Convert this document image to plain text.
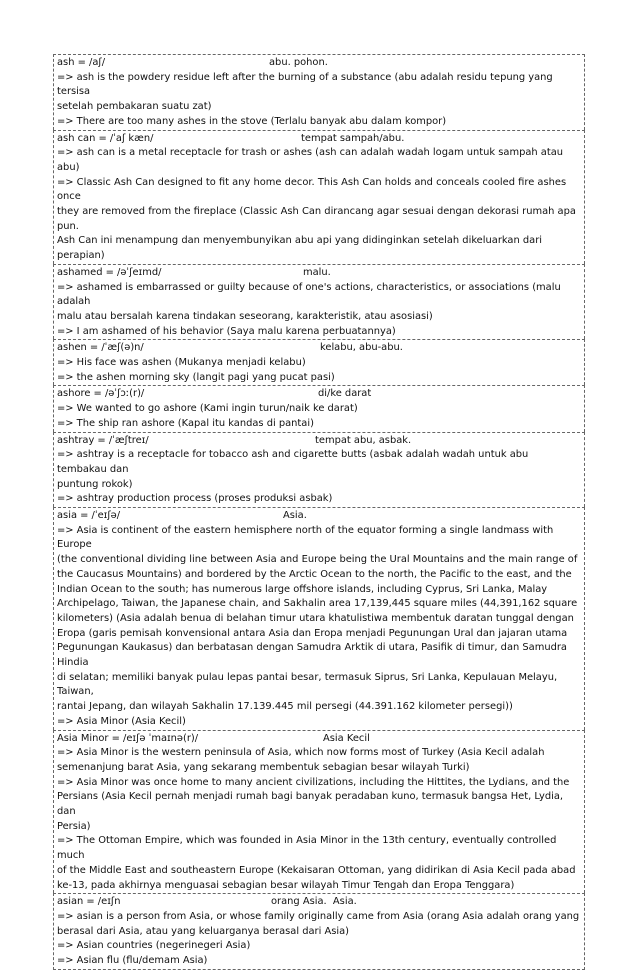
ash = /aʃ/	abu. pohon.
=> ash is the powdery residue left after the burning of a substance (abu adalah residu tepung yang tersisa
setelah pembakaran suatu zat)
=> There are too many ashes in the stove (Terlalu banyak abu dalam kompor)
ash can = /ˈaʃ kæn/	tempat sampah/abu.
=> ash can is a metal receptacle for trash or ashes (ash can adalah wadah logam untuk sampah atau abu)
=> Classic Ash Can designed to fit any home decor. This Ash Can holds and conceals cooled fire ashes once
they are removed from the fireplace (Classic Ash Can dirancang agar sesuai dengan dekorasi rumah apa pun.
Ash Can ini menampung dan menyembunyikan abu api yang didinginkan setelah dikeluarkan dari perapian)
ashamed = /əˈʃeɪmd/	malu.
=> ashamed is embarrassed or guilty because of one's actions, characteristics, or associations (malu adalah
malu atau bersalah karena tindakan seseorang, karakteristik, atau asosiasi)
=> I am ashamed of his behavior (Saya malu karena perbuatannya)
ashen = /ˈæʃ(ə)n/	kelabu, abu-abu.
=> His face was ashen (Mukanya menjadi kelabu)
=> the ashen morning sky (langit pagi yang pucat pasi)
ashore = /əˈʃɔː(r)/	di/ke darat
=> We wanted to go ashore (Kami ingin turun/naik ke darat)
=> The ship ran ashore (Kapal itu kandas di pantai)
ashtray = /ˈæʃtreɪ/	tempat abu, asbak.
=> ashtray is a receptacle for tobacco ash and cigarette butts (asbak adalah wadah untuk abu tembakau dan
puntung rokok)
=> ashtray production process (proses produksi asbak)
asia = /ˈeɪʃə/	Asia.
=> Asia is continent of the eastern hemisphere north of the equator forming a single landmass with Europe
(the conventional dividing line between Asia and Europe being the Ural Mountains and the main range of
the Caucasus Mountains) and bordered by the Arctic Ocean to the north, the Pacific to the east, and the
Indian Ocean to the south; has numerous large offshore islands, including Cyprus, Sri Lanka, Malay
Archipelago, Taiwan, the Japanese chain, and Sakhalin area 17,139,445 square miles (44,391,162 square
kilometers) (Asia adalah benua di belahan timur utara khatulistiwa membentuk daratan tunggal dengan
Eropa (garis pemisah konvensional antara Asia dan Eropa menjadi Pegunungan Ural dan jajaran utama
Pegunungan Kaukasus) dan berbatasan dengan Samudra Arktik di utara, Pasifik di timur, dan Samudra Hindia
di selatan; memiliki banyak pulau lepas pantai besar, termasuk Siprus, Sri Lanka, Kepulauan Melayu, Taiwan,
rantai Jepang, dan wilayah Sakhalin 17.139.445 mil persegi (44.391.162 kilometer persegi))
=> Asia Minor (Asia Kecil)
Asia Minor = /eɪʃə ˈmaɪnə(r)/	Asia Kecil
=> Asia Minor is the western peninsula of Asia, which now forms most of Turkey (Asia Kecil adalah
semenanjung barat Asia, yang sekarang membentuk sebagian besar wilayah Turki)
=> Asia Minor was once home to many ancient civilizations, including the Hittites, the Lydians, and the
Persians (Asia Kecil pernah menjadi rumah bagi banyak peradaban kuno, termasuk bangsa Het, Lydia, dan
Persia)
=> The Ottoman Empire, which was founded in Asia Minor in the 13th century, eventually controlled much
of the Middle East and southeastern Europe (Kekaisaran Ottoman, yang didirikan di Asia Kecil pada abad
ke-13, pada akhirnya menguasai sebagian besar wilayah Timur Tengah dan Eropa Tenggara)
asian = /eɪʃn	orang Asia.  Asia.
=> asian is a person from Asia, or whose family originally came from Asia (orang Asia adalah orang yang
berasal dari Asia, atau yang keluarganya berasal dari Asia)
=> Asian countries (negerinegeri Asia)
=> Asian flu (flu/demam Asia)
